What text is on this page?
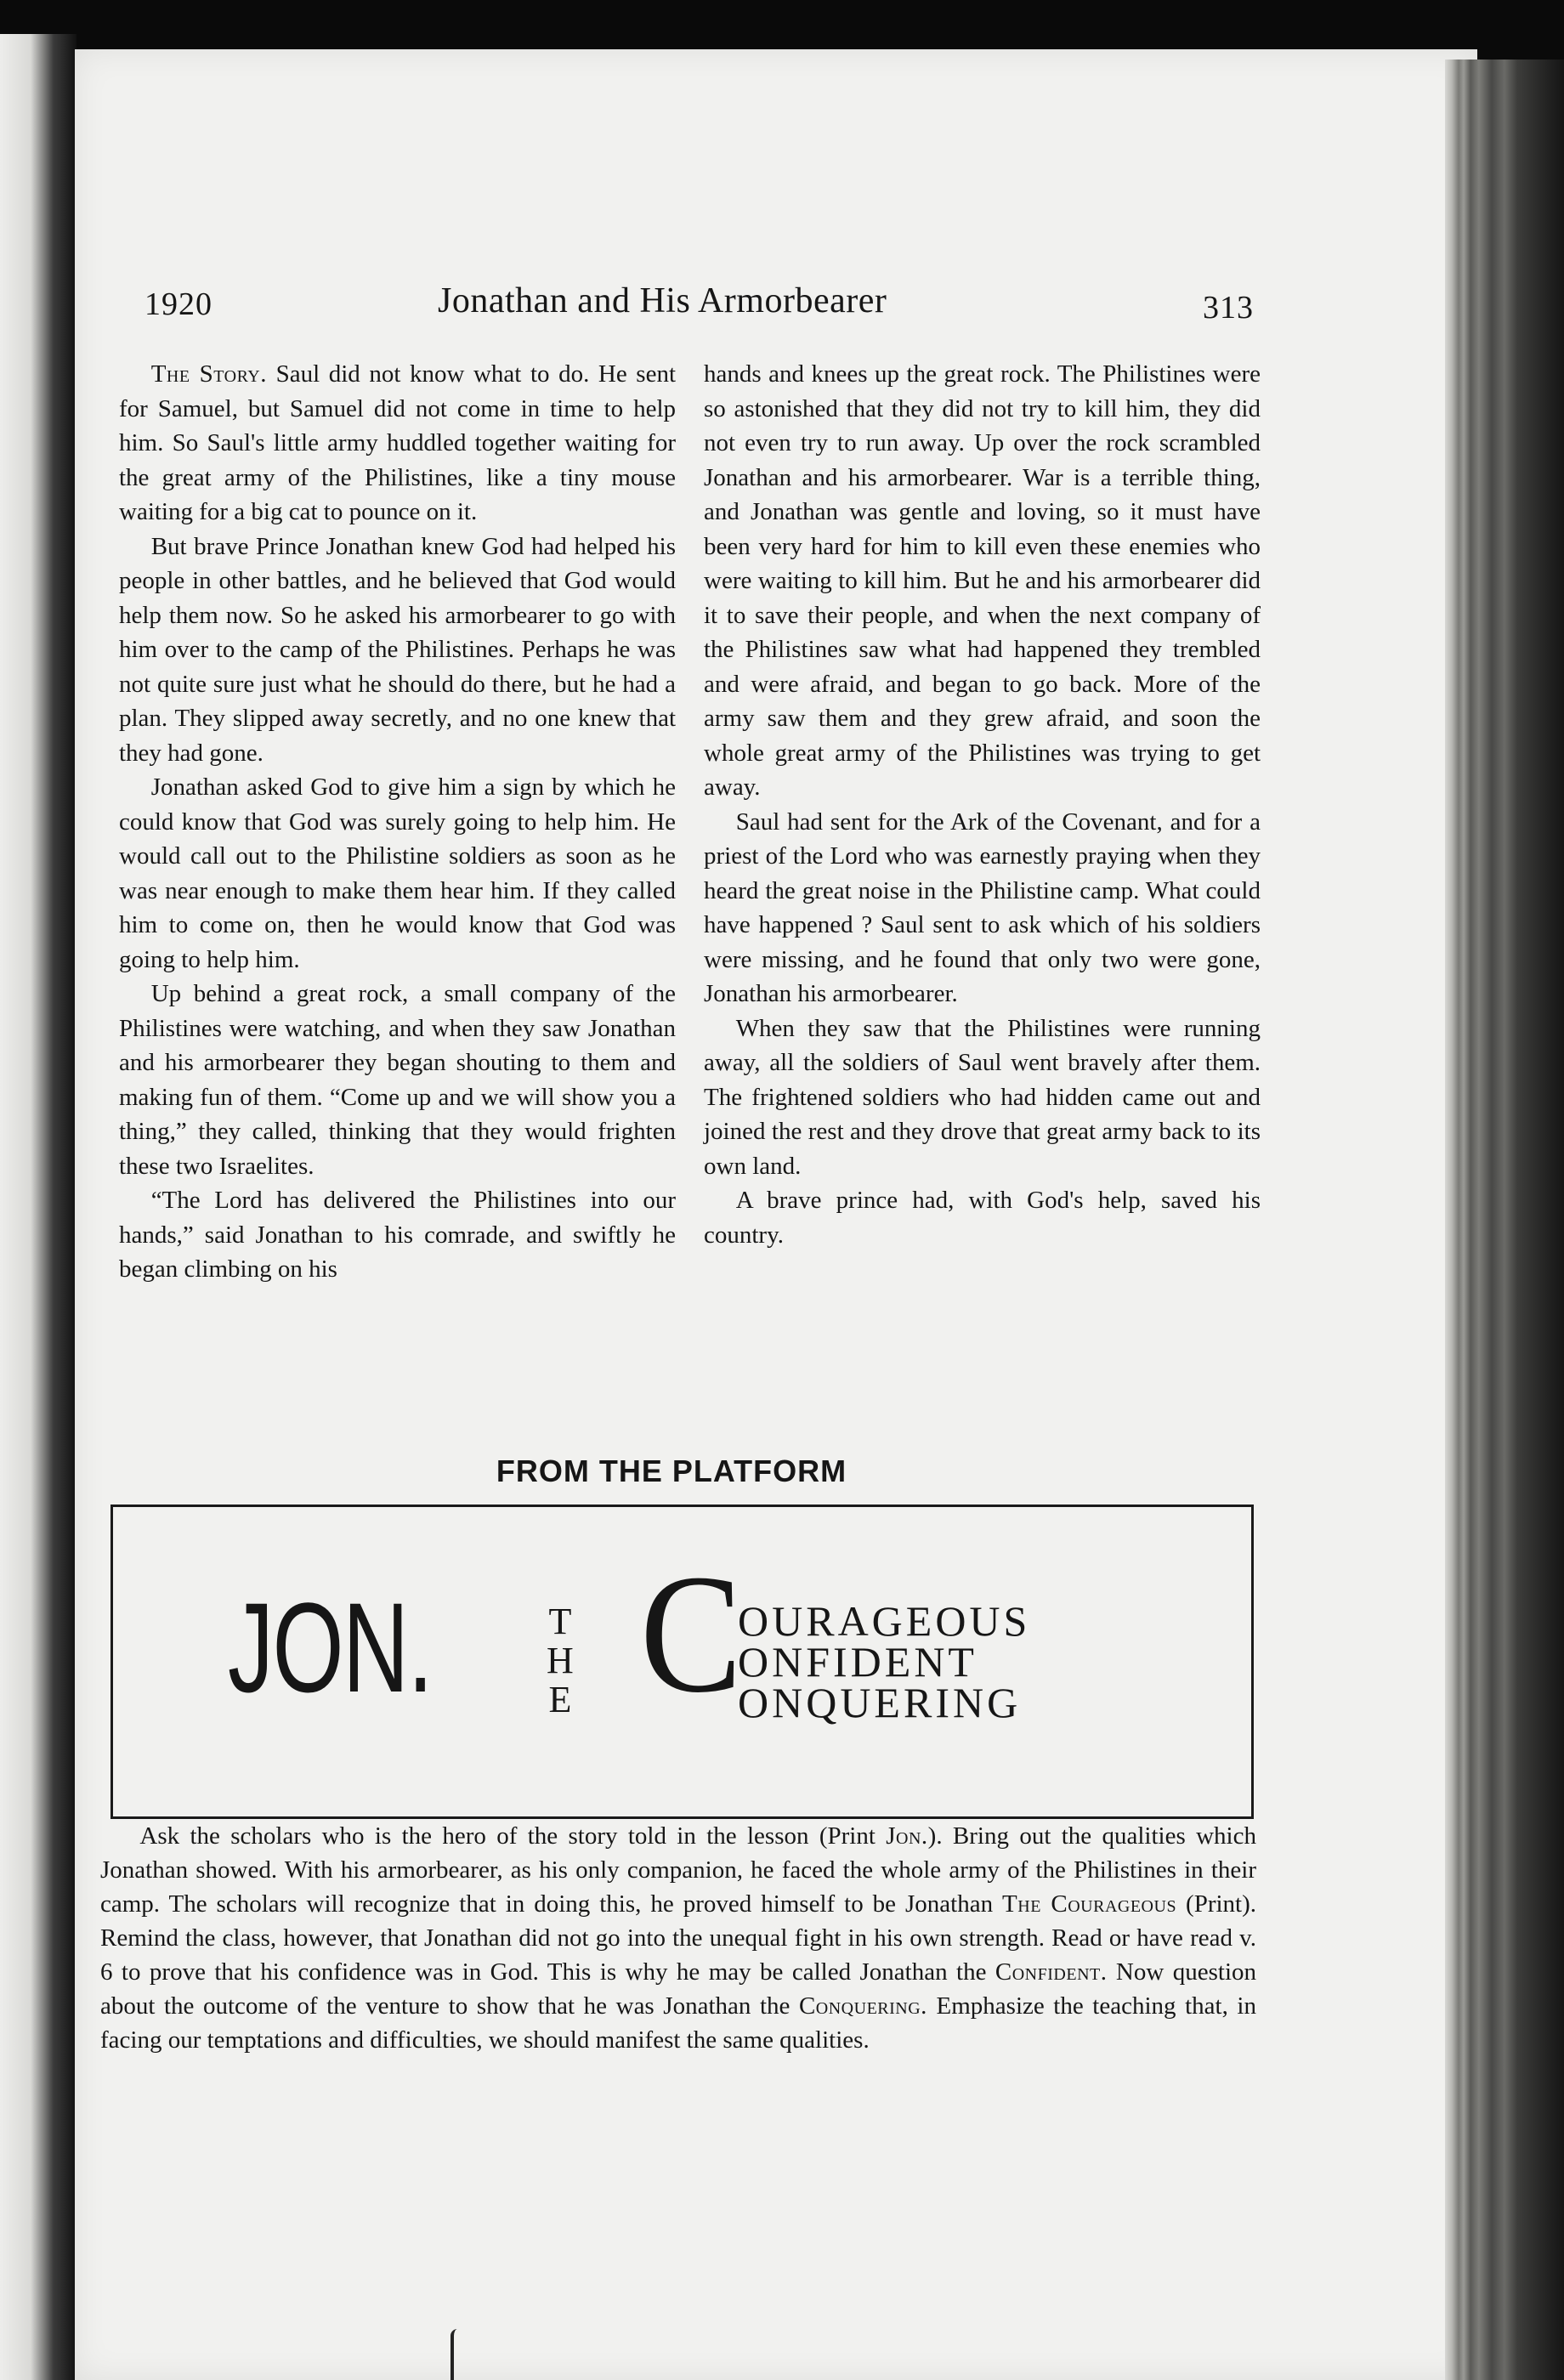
1920	Jonathan and His Armorbearer	313

The Story. Saul did not know what to do. He sent for Samuel, but Samuel did not come in time to help him. So Saul's little army huddled together waiting for the great army of the Philistines, like a tiny mouse waiting for a big cat to pounce on it.

But brave Prince Jonathan knew God had helped his people in other battles, and he believed that God would help them now. So he asked his armorbearer to go with him over to the camp of the Philistines. Perhaps he was not quite sure just what he should do there, but he had a plan. They slipped away secretly, and no one knew that they had gone.

Jonathan asked God to give him a sign by which he could know that God was surely going to help him. He would call out to the Philistine soldiers as soon as he was near enough to make them hear him. If they called him to come on, then he would know that God was going to help him.

Up behind a great rock, a small company of the Philistines were watching, and when they saw Jonathan and his armorbearer they began shouting to them and making fun of them. “Come up and we will show you a thing,” they called, thinking that they would frighten these two Israelites.

“The Lord has delivered the Philistines into our hands,” said Jonathan to his comrade, and swiftly he began climbing on his

hands and knees up the great rock. The Philistines were so astonished that they did not try to kill him, they did not even try to run away. Up over the rock scrambled Jonathan and his armorbearer. War is a terrible thing, and Jonathan was gentle and loving, so it must have been very hard for him to kill even these enemies who were waiting to kill him. But he and his armorbearer did it to save their people, and when the next company of the Philistines saw what had happened they trembled and were afraid, and began to go back. More of the army saw them and they grew afraid, and soon the whole great army of the Philistines was trying to get away.

Saul had sent for the Ark of the Covenant, and for a priest of the Lord who was earnestly praying when they heard the great noise in the Philistine camp. What could have happened ? Saul sent to ask which of his soldiers were missing, and he found that only two were gone, Jonathan his armorbearer.

When they saw that the Philistines were running away, all the soldiers of Saul went bravely after them. The frightened soldiers who had hidden came out and joined the rest and they drove that great army back to its own land.

A brave prince had, with God's help, saved his country.

FROM THE PLATFORM
JON.	T
H
E C
OURAGEOUS
ONFIDENT
ONQUERING

Ask the scholars who is the hero of the story told in the lesson (Print Jon.). Bring out the qualities which Jonathan showed. With his armorbearer, as his only companion, he faced the whole army of the Philistines in their camp. The scholars will recognize that in doing this, he proved himself to be Jonathan The Courageous (Print). Remind the class, however, that Jonathan did not go into the unequal fight in his own strength. Read or have read v. 6 to prove that his confidence was in God. This is why he may be called Jonathan the Confident. Now question about the outcome of the venture to show that he was Jonathan the Conquering. Emphasize the teaching that, in facing our temptations and difficulties, we should manifest the same qualities.
